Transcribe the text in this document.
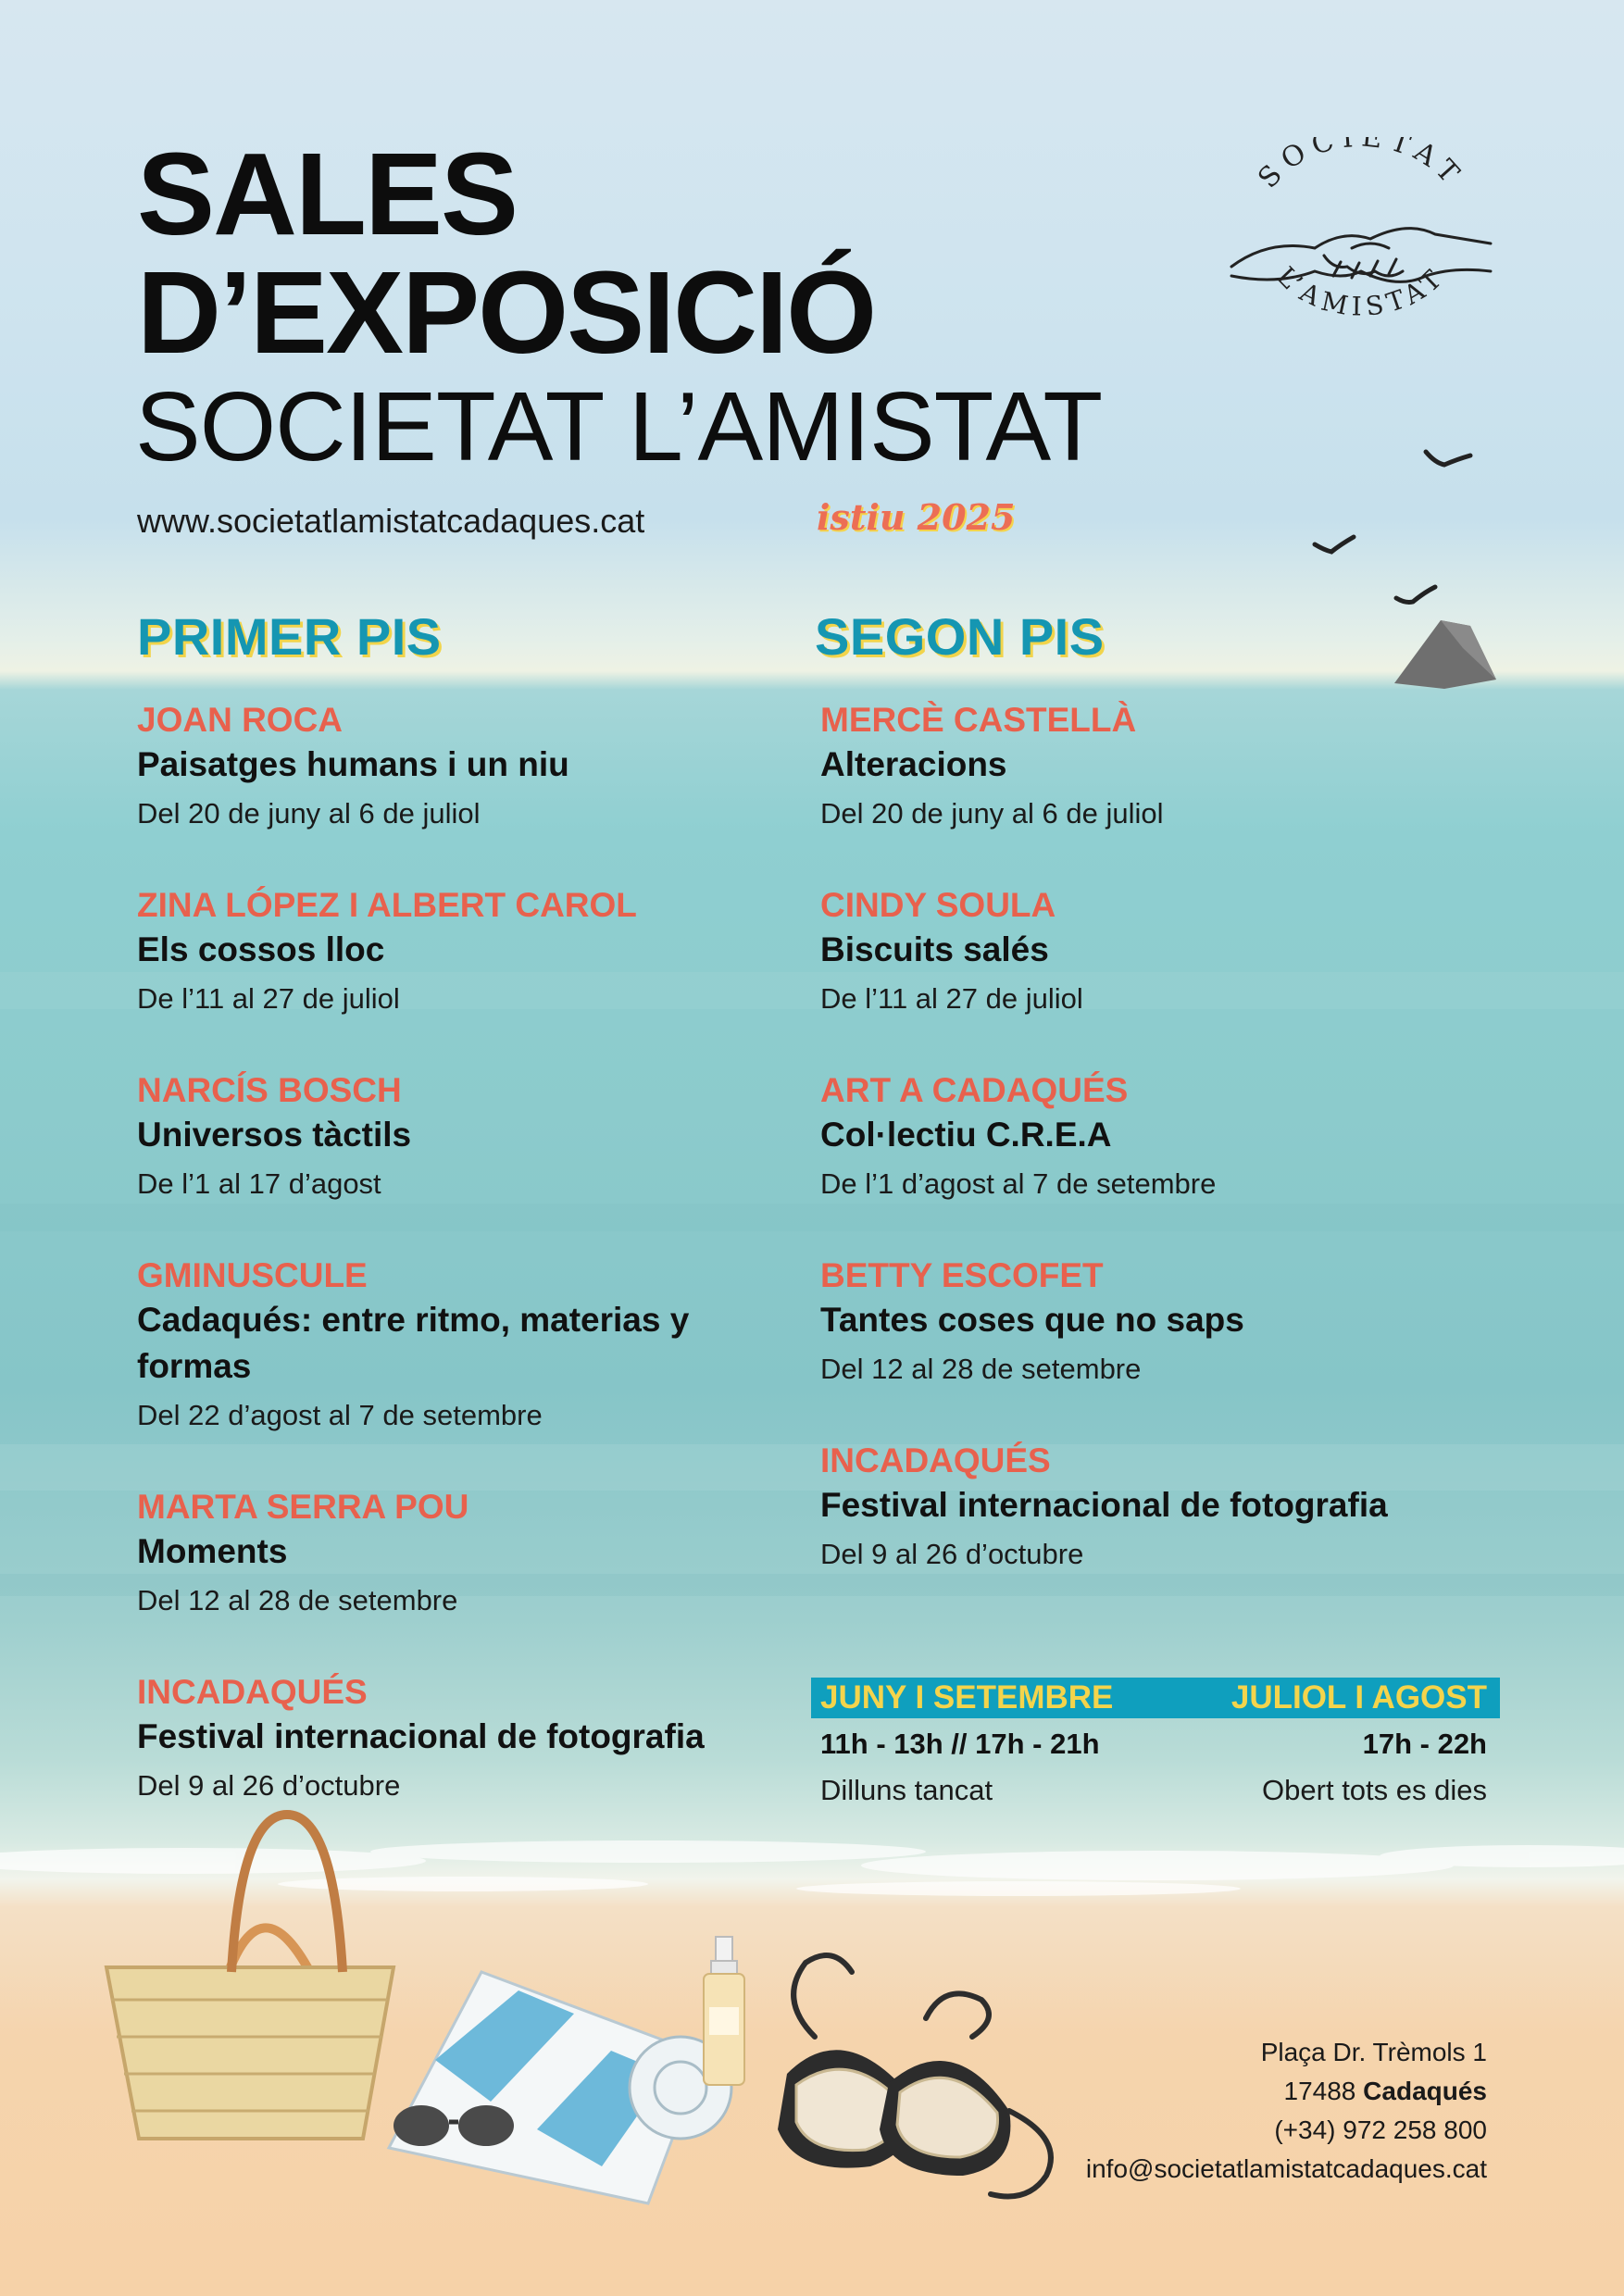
SALES
D’EXPOSICIÓ
SOCIETAT L’AMISTAT
www.societatlamistatcadaques.cat	istiu 2025
SOCIETAT
L’AMISTAT
PRIMER PIS	SEGON PIS
JOAN ROCA
Paisatges humans i un niu
Del 20 de juny al 6 de juliol
ZINA LÓPEZ I ALBERT CAROL
Els cossos lloc
De l’11 al 27 de juliol
NARCÍS BOSCH
Universos tàctils
De l’1 al 17 d’agost
GMINUSCULE
Cadaqués: entre ritmo, materias y
formas
Del 22 d’agost al 7 de setembre
MARTA SERRA POU
Moments
Del 12 al 28 de setembre
INCADAQUÉS
Festival internacional de fotografia
Del 9 al 26 d’octubre
MERCÈ CASTELLÀ
Alteracions
Del 20 de juny al 6 de juliol
CINDY SOULA
Biscuits salés
De l’11 al 27 de juliol
ART A CADAQUÉS
Col·lectiu C.R.E.A
De l’1 d’agost al 7 de setembre
BETTY ESCOFET
Tantes coses que no saps
Del 12 al 28 de setembre
INCADAQUÉS
Festival internacional de fotografia
Del 9 al 26 d’octubre
JUNY I SETEMBRE	JULIOL I AGOST
11h - 13h // 17h - 21h	17h - 22h
Dilluns tancat	Obert tots es dies
Plaça Dr. Trèmols 1
17488 Cadaqués
(+34) 972 258 800
info@societatlamistatcadaques.cat
